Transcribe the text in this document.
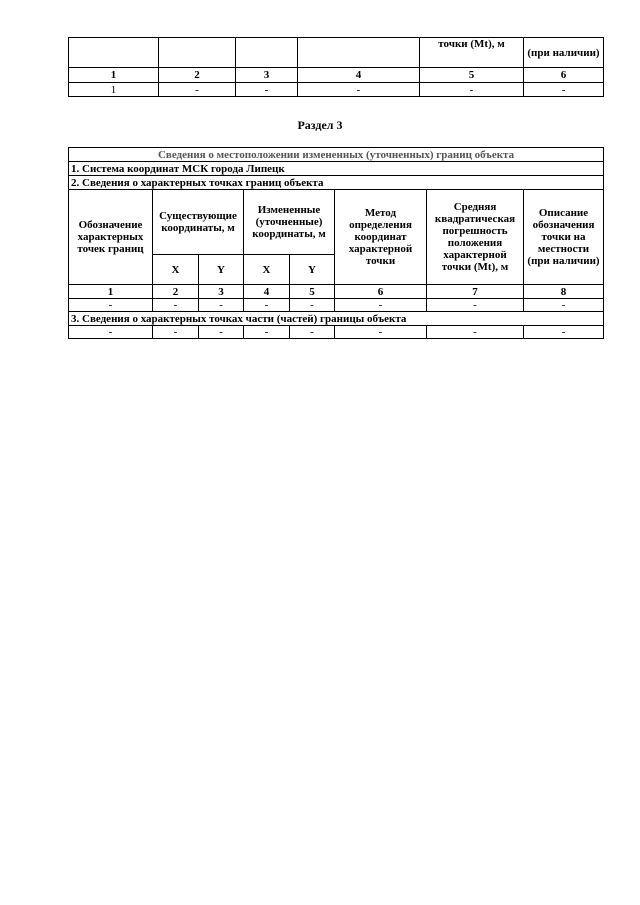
				точки (Mt), м	(при наличии)
1	2	3	4	5	6
1	-	-	-	-	-
Раздел 3
Сведения о местоположении измененных (уточненных) границ объекта							
1. Система координат МСК города Липецк							
2. Сведения о характерных точках границ объекта							
Обозначение характерных точек границ	Существующие координаты, м		Измененные (уточненные) координаты, м		Метод определения координат характерной точки	Средняя квадратическая погрешность положения характерной точки (Mt), м	Описание обозначения точки на местности (при наличии)
	X	Y	X	Y			
1	2	3	4	5	6	7	8
-	-	-	-	-	-	-	-
3. Сведения о характерных точках части (частей) границы объекта							
-	-	-	-	-	-	-	-
